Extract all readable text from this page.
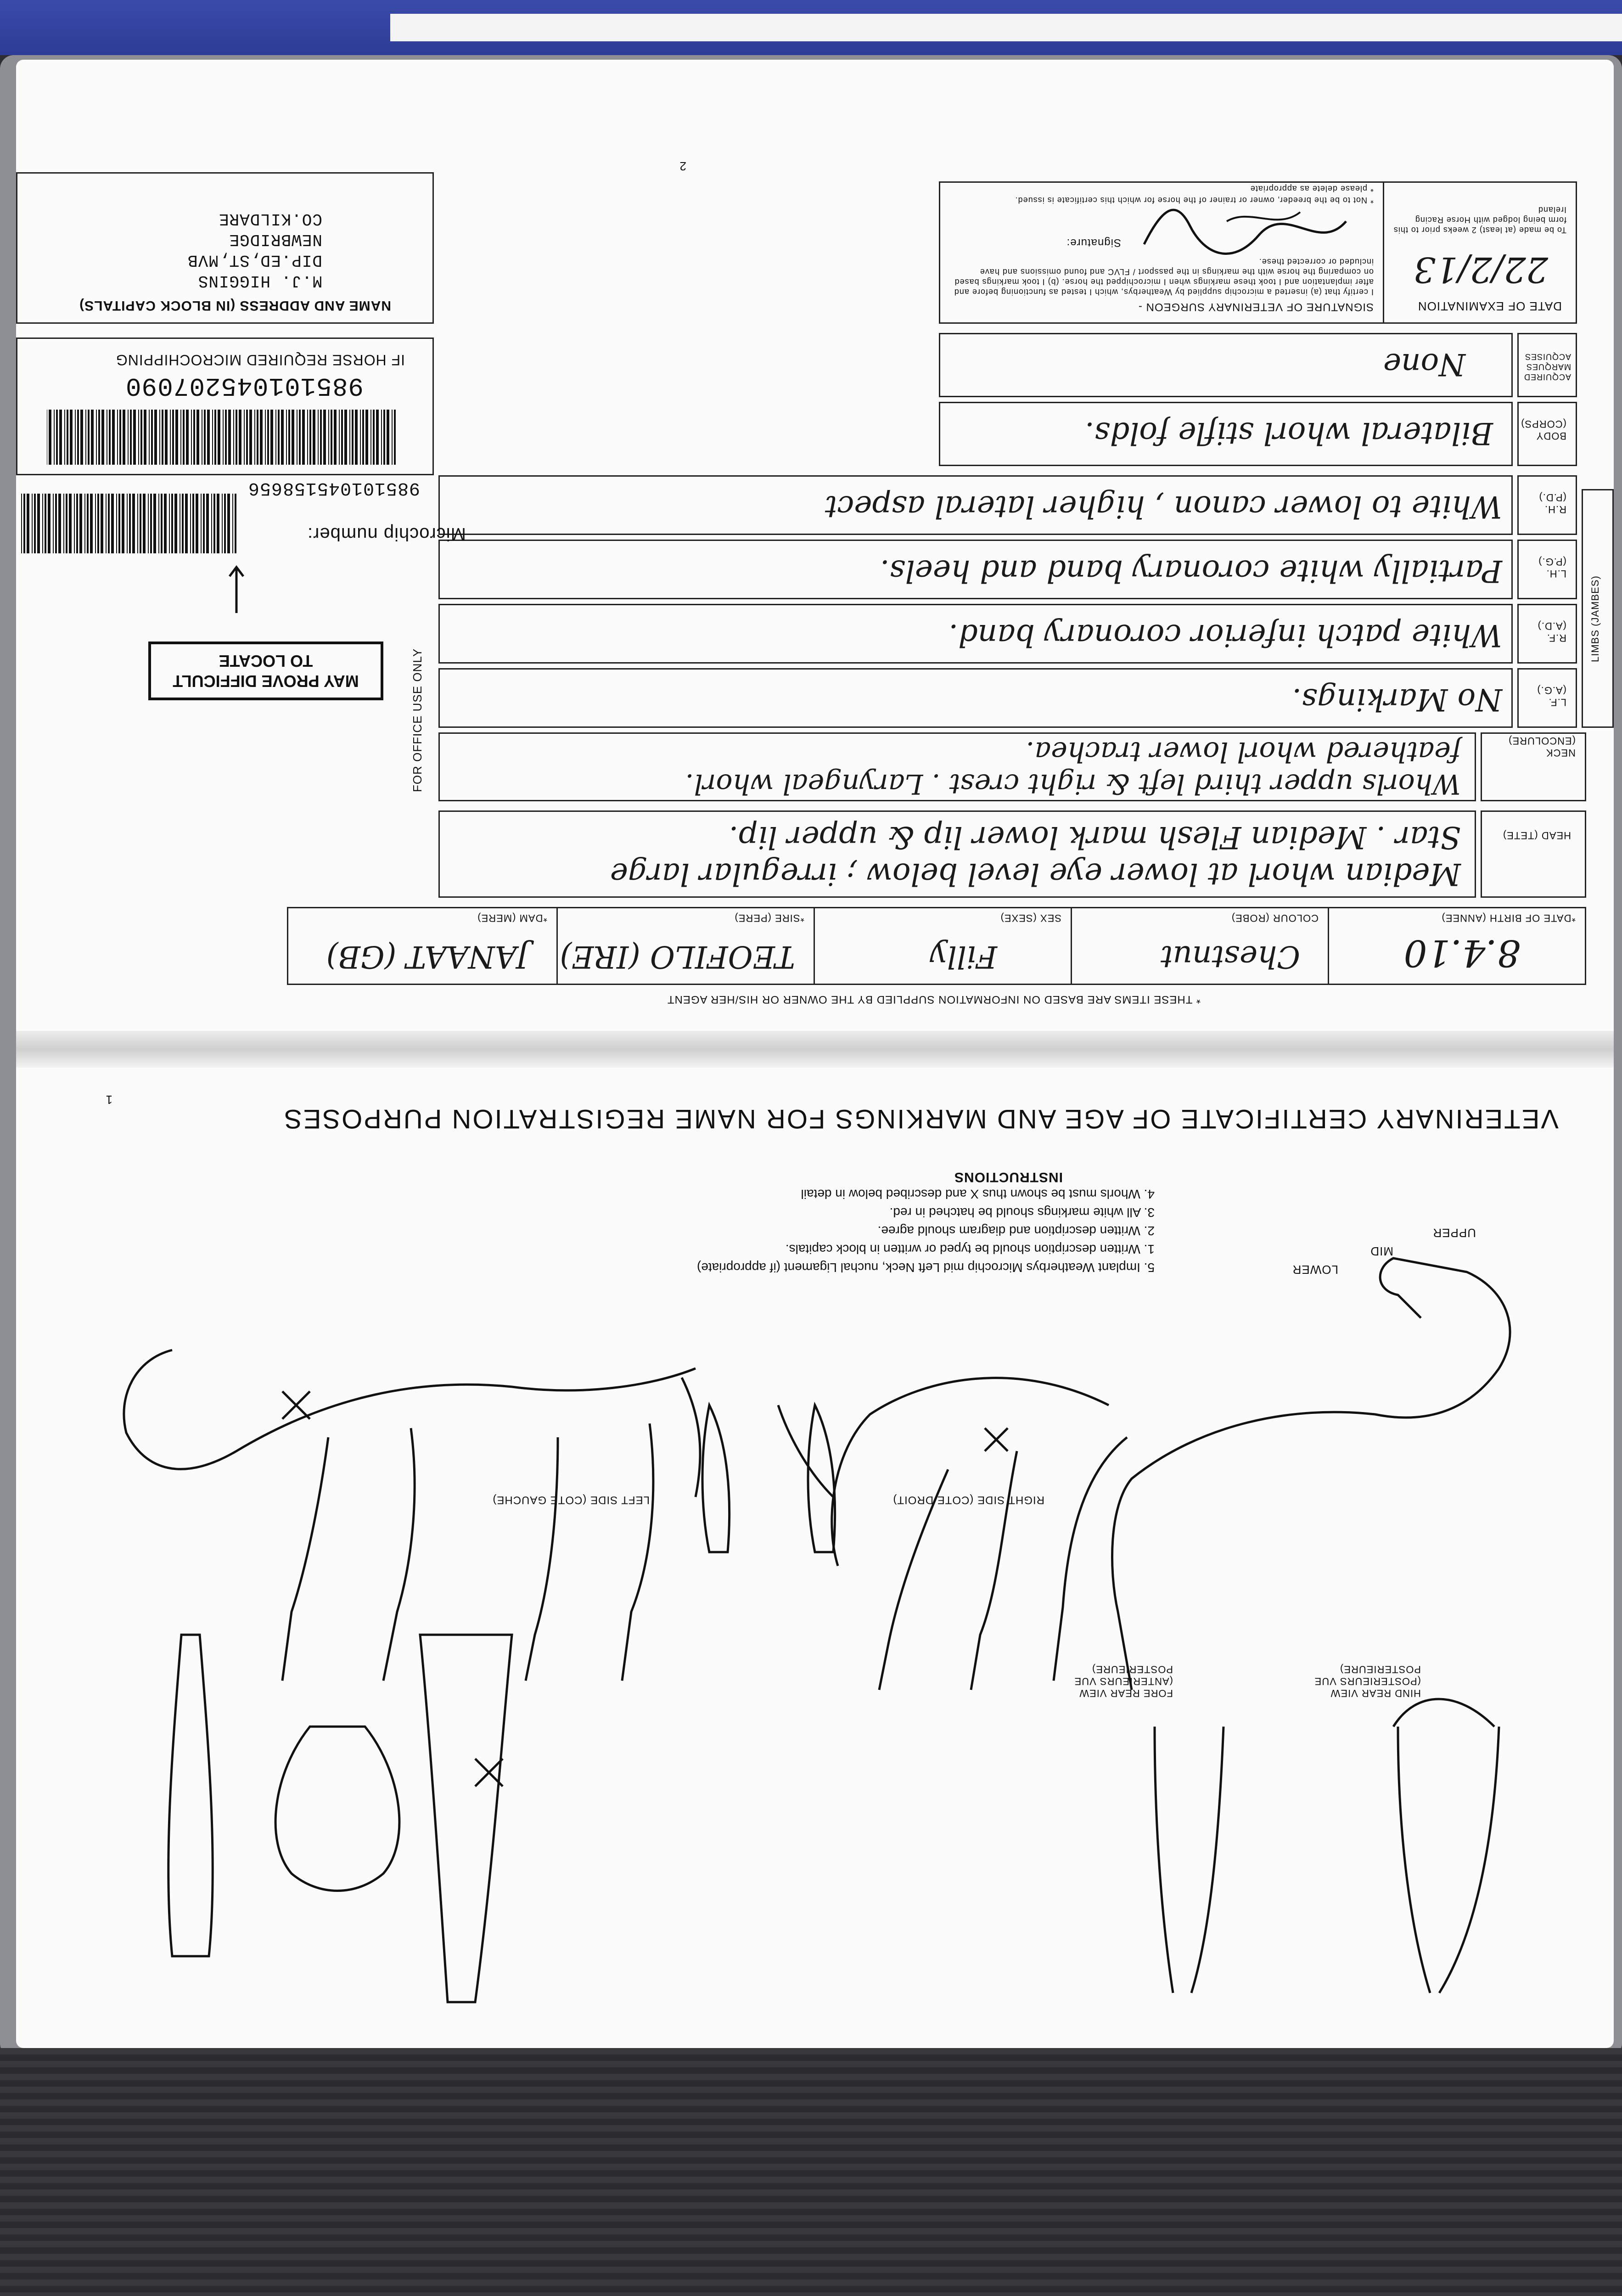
2
*DATE OF BIRTH (ANNEE)
8.4.10
COLOUR (ROBE)
Chestnut
SEX (SEXE)
Filly
*SIRE (PERE)
TEOFILO (IRE)
*DAM (MERE)
JANAAT (GB)
* THESE ITEMS ARE BASED ON INFORMATION SUPPLIED BY THE OWNER OR HIS/HER AGENT
HEAD (TETE)
Median whorl at lower eye level below ; irregular large
Star . Median Flesh mark lower lip & upper lip.
NECK (ENCOLURE)
Whorls upper third left & right crest . Laryngeal whorl.
feathered whorl lower trachea.
LIMBS (JAMBES)
L.F. (A.G.)
No Markings.
R.F. (A.D.)
White patch inferior coronary band.
L.H. (P.G.)
Partially white coronary band and heels.
R.H. (P.D.)
White to lower canon , higher lateral aspect
BODY (CORPS)
Bilateral whorl stifle folds.
ACQUIRED MARQUES ACQUISES
None
DATE OF EXAMINATION
22/2/13
To be made (at least) 2 weeks prior to this form being lodged with Horse Racing Ireland
SIGNATURE OF VETERINARY SURGEON -
I certify that (a) inserted a microchip supplied by Weatherbys, which I tested as functioning before and after implantation and I took these markings when I microchipped the horse. (b) I took markings based on comparing the horse with the markings in the passport / FLVC and found omissions and have included or corrected these.
Signature:
* Not to be the breeder, owner or trainer of the horse for which this certificate is issued.
* please delete as appropriate
FOR OFFICE USE ONLY
IF HORSE REQUIRED MICROCHIPPING
985101045207090
985101045158656
Microchip number:
MAY PROVE DIFFICULT TO LOCATE
NAME AND ADDRESS (IN BLOCK CAPITALS)
M.J. HIGGINS
DIP.ED,ST,MVB
NEWBRIDGE
CO.KILDARE
1
VETERINARY CERTIFICATE OF AGE AND MARKINGS FOR NAME REGISTRATION PURPOSES
INSTRUCTIONS
1. Written description should be typed or written in block capitals.
2. Written description and diagram should agree.
3. All white markings should be hatched in red.
4. Whorls must be shown thus X and described below in detail
5. Implant Weatherbys Microchip mid Left Neck, nuchal Ligament (if appropriate)
RIGHT SIDE (COTE DROIT)
LEFT SIDE (COTE GAUCHE)
FORE REAR VIEW (ANTERIEURS VUE POSTERIEURE)
HIND REAR VIEW (POSTERIEURS VUE POSTERIEURE)
UPPER
MID
LOWER
